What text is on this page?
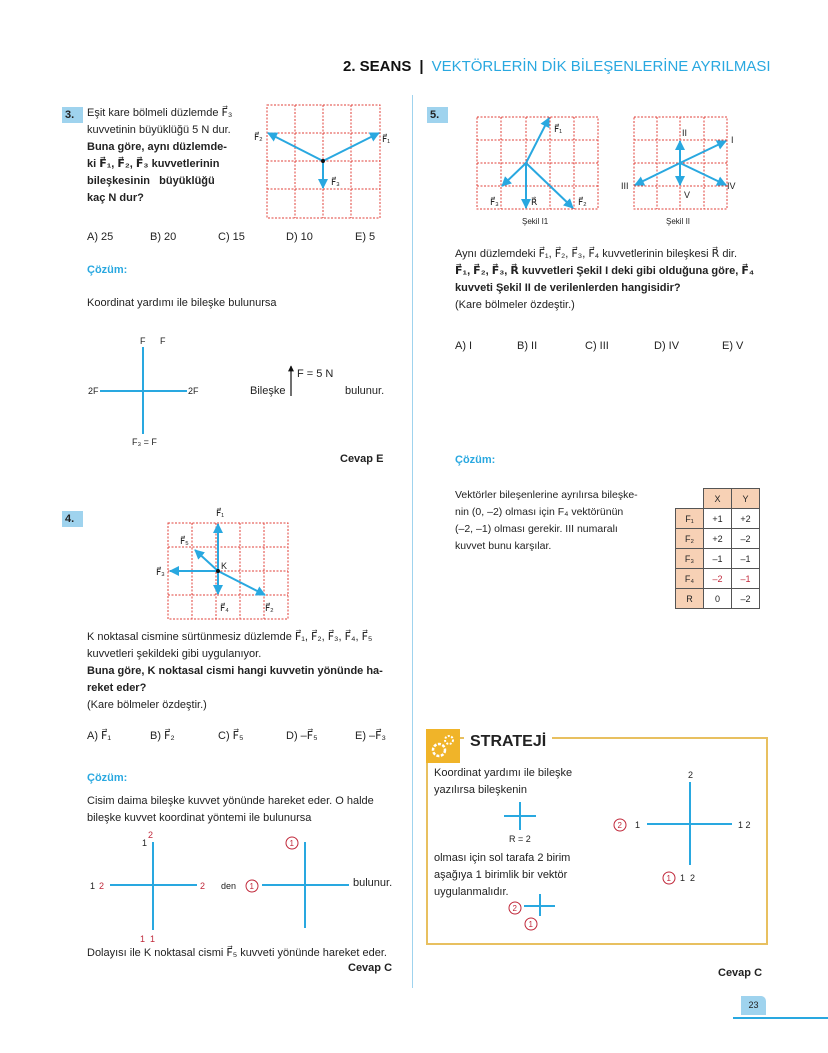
2. SEANS | VEKTÖRLERİN DİK BİLEŞENLERİNE AYRILMASI
3.	Eşit kare bölmeli düzlemde F⃗₃
kuvvetinin büyüklüğü 5 N dur.
Buna göre, aynı düzlemde-
ki F⃗₁, F⃗₂, F⃗₃ kuvvetlerinin
bileşkesinin   büyüklüğü
kaç N dur?
F⃗₁
F⃗₂
F⃗₃
A) 25	B) 20	C) 15	D) 10	E) 5
Çözüm:
Koordinat yardımı ile bileşke bulunursa
F F
2F	2F
F₃ = F
Bileşke
F = 5 N
bulunur.
Cevap E
4.	F⃗₁
F⃗₂
F⃗₃
F⃗₄
F⃗₅
K
K noktasal cismine sürtünmesiz düzlemde F⃗₁, F⃗₂, F⃗₃, F⃗₄, F⃗₅
kuvvetleri şekildeki gibi uygulanıyor.
Buna göre, K noktasal cismi hangi kuvvetin yönünde ha-
reket eder?
(Kare bölmeler özdeştir.)
A) F⃗₁	B) F⃗₂	C) F⃗₅	D) –F⃗₅	E) –F⃗₃
Çözüm:
Cisim daima bileşke kuvvet yönünde hareket eder. O halde
bileşke kuvvet koordinat yöntemi ile bulunursa
1
2
1 2	2
1  1
den 1
1
bulunur.
Dolayısı ile K noktasal cismi F⃗₅ kuvveti yönünde hareket eder.
Cevap C
5.
F⃗₁
F⃗₂
F⃗₃	R⃗
Şekil I1
I
II
III	IV
V
Şekil II
Aynı düzlemdeki F⃗₁, F⃗₂, F⃗₃, F⃗₄ kuvvetlerinin bileşkesi R⃗ dir.
F⃗₁, F⃗₂, F⃗₃, R⃗ kuvvetleri Şekil I deki gibi olduğuna göre, F⃗₄
kuvveti Şekil II de verilenlerden hangisidir?
(Kare bölmeler özdeştir.)
A) I	B) II	C) III	D) IV	E) V
Çözüm:
Vektörler bileşenlerine ayrılırsa bileşke-
nin (0, –2) olması için F₄ vektörünün
(–2, –1) olması gerekir. III numaralı
kuvvet bunu karşılar.
	X	Y
F₁	+1	+2
F₂	+2	–2
F₃	–1	–1
F₄	–2	–1
R	0	–2
STRATEJİ
Koordinat yardımı ile bileşke
yazılırsa bileşkenin
R = 2
2
1
olması için sol tarafa 2 birim
aşağıya 1 birimlik bir vektör
uygulanmalıdır.
2
2 1	1 2
1 1  2
Cevap C
23
